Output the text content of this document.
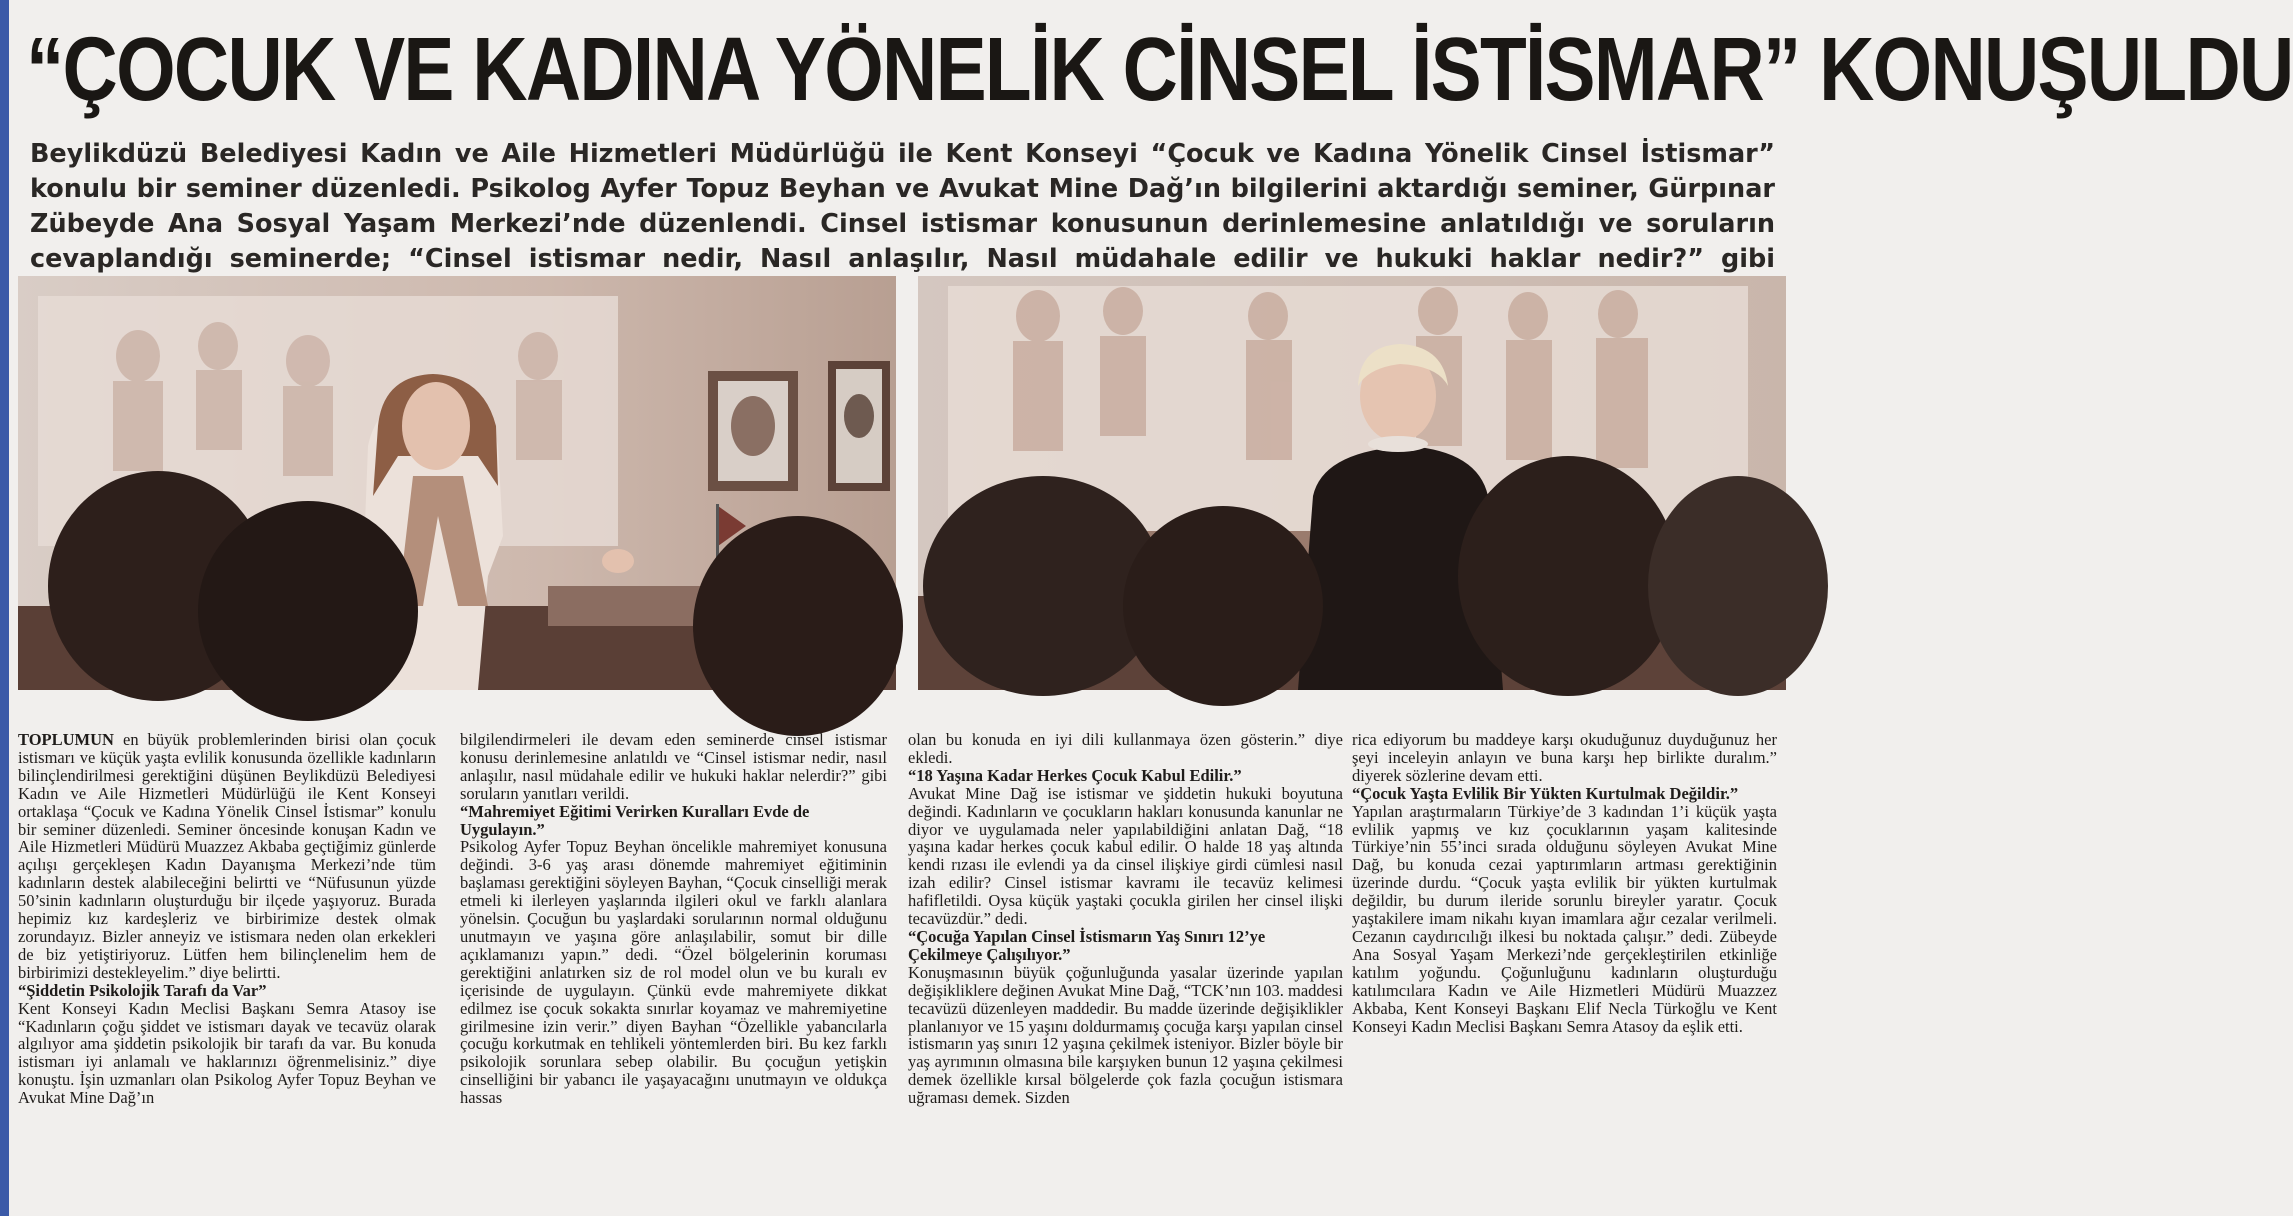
“ÇOCUK VE KADINA YÖNELİK CİNSEL İSTİSMAR” KONUŞULDU
Beylikdüzü Belediyesi Kadın ve Aile Hizmetleri Müdürlüğü ile Kent Konseyi “Çocuk ve Kadına Yönelik Cinsel İstismar” konulu bir seminer düzenledi. Psikolog Ayfer Topuz Beyhan ve Avukat Mine Dağ’ın bilgilerini aktardığı seminer, Gürpınar Zübeyde Ana Sosyal Yaşam Merkezi’nde düzenlendi. Cinsel istismar konusunun derinlemesine anlatıldığı ve soruların cevaplandığı seminerde; “Cinsel istismar nedir, Nasıl anlaşılır, Nasıl müdahale edilir ve hukuki haklar nedir?” gibi

TOPLUMUN en büyük problemlerinden birisi olan çocuk istismarı ve küçük yaşta evlilik konusunda özellikle kadınların bilinçlendirilmesi gerektiğini düşünen Beylikdüzü Belediyesi Kadın ve Aile Hizmetleri Müdürlüğü ile Kent Konseyi ortaklaşa “Çocuk ve Kadına Yönelik Cinsel İstismar” konulu bir seminer düzenledi. Seminer öncesinde konuşan Kadın ve Aile Hizmetleri Müdürü Muazzez Akbaba geçtiğimiz günlerde açılışı gerçekleşen Kadın Dayanışma Merkezi’nde tüm kadınların destek alabileceğini belirtti ve “Nüfusunun yüzde 50’sinin kadınların oluşturduğu bir ilçede yaşıyoruz. Burada hepimiz kız kardeşleriz ve birbirimize destek olmak zorundayız. Bizler anneyiz ve istismara neden olan erkekleri de biz yetiştiriyoruz. Lütfen hem bilinçlenelim hem de birbirimizi destekleyelim.” diye belirtti.

“Şiddetin Psikolojik Tarafı da Var”

Kent Konseyi Kadın Meclisi Başkanı Semra Atasoy ise “Kadınların çoğu şiddet ve istismarı dayak ve tecavüz olarak algılıyor ama şiddetin psikolojik bir tarafı da var. Bu konuda istismarı iyi anlamalı ve haklarınızı öğrenmelisiniz.” diye konuştu. İşin uzmanları olan Psikolog Ayfer Topuz Beyhan ve Avukat Mine Dağ’ın

bilgilendirmeleri ile devam eden seminerde cinsel istismar konusu derinlemesine anlatıldı ve “Cinsel istismar nedir, nasıl anlaşılır, nasıl müdahale edilir ve hukuki haklar nelerdir?” gibi soruların yanıtları verildi.

“Mahremiyet Eğitimi Verirken Kuralları Evde de Uygulayın.”

Psikolog Ayfer Topuz Beyhan öncelikle mahremiyet konusuna değindi. 3-6 yaş arası dönemde mahremiyet eğitiminin başlaması gerektiğini söyleyen Bayhan, “Çocuk cinselliği merak etmeli ki ilerleyen yaşlarında ilgileri okul ve farklı alanlara yönelsin. Çocuğun bu yaşlardaki sorularının normal olduğunu unutmayın ve yaşına göre anlaşılabilir, somut bir dille açıklamanızı yapın.” dedi. “Özel bölgelerinin koruması gerektiğini anlatırken siz de rol model olun ve bu kuralı ev içerisinde de uygulayın. Çünkü evde mahremiyete dikkat edilmez ise çocuk sokakta sınırlar koyamaz ve mahremiyetine girilmesine izin verir.” diyen Bayhan “Özellikle yabancılarla çocuğu korkutmak en tehlikeli yöntemlerden biri. Bu kez farklı psikolojik sorunlara sebep olabilir. Bu çocuğun yetişkin cinselliğini bir yabancı ile yaşayacağını unutmayın ve oldukça hassas

olan bu konuda en iyi dili kullanmaya özen gösterin.” diye ekledi.

“18 Yaşına Kadar Herkes Çocuk Kabul Edilir.”

Avukat Mine Dağ ise istismar ve şiddetin hukuki boyutuna değindi. Kadınların ve çocukların hakları konusunda kanunlar ne diyor ve uygulamada neler yapılabildiğini anlatan Dağ, “18 yaşına kadar herkes çocuk kabul edilir. O halde 18 yaş altında kendi rızası ile evlendi ya da cinsel ilişkiye girdi cümlesi nasıl izah edilir? Cinsel istismar kavramı ile tecavüz kelimesi hafifletildi. Oysa küçük yaştaki çocukla girilen her cinsel ilişki tecavüzdür.” dedi.

“Çocuğa Yapılan Cinsel İstismarın Yaş Sınırı 12’ye Çekilmeye Çalışılıyor.”

Konuşmasının büyük çoğunluğunda yasalar üzerinde yapılan değişikliklere değinen Avukat Mine Dağ, “TCK’nın 103. maddesi tecavüzü düzenleyen maddedir. Bu madde üzerinde değişiklikler planlanıyor ve 15 yaşını doldurmamış çocuğa karşı yapılan cinsel istismarın yaş sınırı 12 yaşına çekilmek isteniyor. Bizler böyle bir yaş ayrımının olmasına bile karşıyken bunun 12 yaşına çekilmesi demek özellikle kırsal bölgelerde çok fazla çocuğun istismara uğraması demek. Sizden

rica ediyorum bu maddeye karşı okuduğunuz duyduğunuz her şeyi inceleyin anlayın ve buna karşı hep birlikte duralım.” diyerek sözlerine devam etti.

“Çocuk Yaşta Evlilik Bir Yükten Kurtulmak Değildir.”

Yapılan araştırmaların Türkiye’de 3 kadından 1’i küçük yaşta evlilik yapmış ve kız çocuklarının yaşam kalitesinde Türkiye’nin 55’inci sırada olduğunu söyleyen Avukat Mine Dağ, bu konuda cezai yaptırımların artması gerektiğinin üzerinde durdu. “Çocuk yaşta evlilik bir yükten kurtulmak değildir, bu durum ileride sorunlu bireyler yaratır. Çocuk yaştakilere imam nikahı kıyan imamlara ağır cezalar verilmeli. Cezanın caydırıcılığı ilkesi bu noktada çalışır.” dedi. Zübeyde Ana Sosyal Yaşam Merkezi’nde gerçekleştirilen etkinliğe katılım yoğundu. Çoğunluğunu kadınların oluşturduğu katılımcılara Kadın ve Aile Hizmetleri Müdürü Muazzez Akbaba, Kent Konseyi Başkanı Elif Necla Türkoğlu ve Kent Konseyi Kadın Meclisi Başkanı Semra Atasoy da eşlik etti.
